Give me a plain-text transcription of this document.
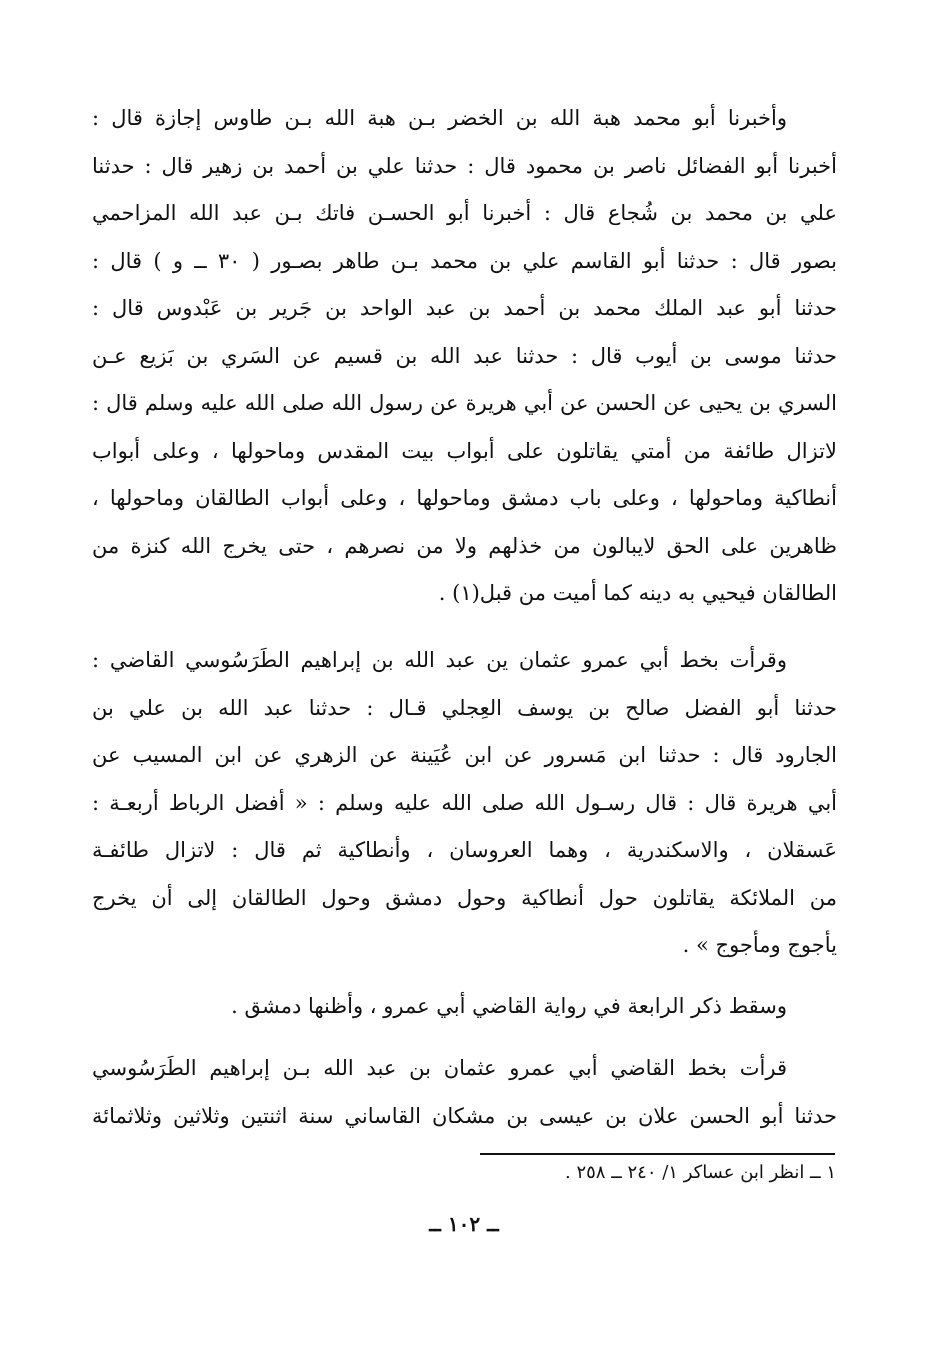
وأخبرنا أبو محمد هبة الله بن الخضر بـن هبة الله بـن طاوس إجازة قال :
أخبرنا أبو الفضائل ناصر بن محمود قال : حدثنا علي بن أحمد بن زهير قال : حدثنا
علي بن محمد بن شُجاع قال : أخبرنا أبو الحسـن فاتك بـن عبد الله المزاحمي
بصور قال : حدثنا أبو القاسم علي بن محمد بـن طاهر بصـور ( ٣٠ ــ و ) قال :
حدثنا أبو عبد الملك محمد بن أحمد بن عبد الواحد بن جَرير بن عَبْدوس قال :
حدثنا موسى بن أيوب قال : حدثنا عبد الله بن قسيم عن السَري بن بَزيع عـن
السري بن يحيى عن الحسن عن أبي هريرة عن رسول الله صلى الله عليه وسلم قال :
لاتزال طائفة من أمتي يقاتلون على أبواب بيت المقدس وماحولها ، وعلى أبواب
أنطاكية وماحولها ، وعلى باب دمشق وماحولها ، وعلى أبواب الطالقان وماحولها ،
ظاهرين على الحق لايبالون من خذلهم ولا من نصرهم ، حتى يخرج الله كنزة من
الطالقان فيحيي به دينه كما أميت من قبل(١) .
وقرأت بخط أبي عمرو عثمان ين عبد الله بن إبراهيم الطَرَسُوسي القاضي :
حدثنا أبو الفضل صالح بن يوسف العِجلي قـال : حدثنا عبد الله بن علي بن
الجارود قال : حدثنا ابن مَسرور عن ابن عُيَينة عن الزهري عن ابن المسيب عن
أبي هريرة قال : قال رسـول الله صلى الله عليه وسلم : « أفضل الرباط أربعـة :
عَسقلان ، والاسكندرية ، وهما العروسان ، وأنطاكية ثم قال : لاتزال طائفـة
من الملائكة يقاتلون حول أنطاكية وحول دمشق وحول الطالقان إلى أن يخرج
يأجوج ومأجوج » .
وسقط ذكر الرابعة في رواية القاضي أبي عمرو ، وأظنها دمشق .
قرأت بخط القاضي أبي عمرو عثمان بن عبد الله بـن إبراهيم الطَرَسُوسي
حدثنا أبو الحسن علان بن عيسى بن مشكان القاساني سنة اثنتين وثلاثين وثلاثمائة
١ ــ انظر ابن عساكر ١/ ٢٤٠ ــ ٢٥٨ .
ــ ١٠٢ ــ
